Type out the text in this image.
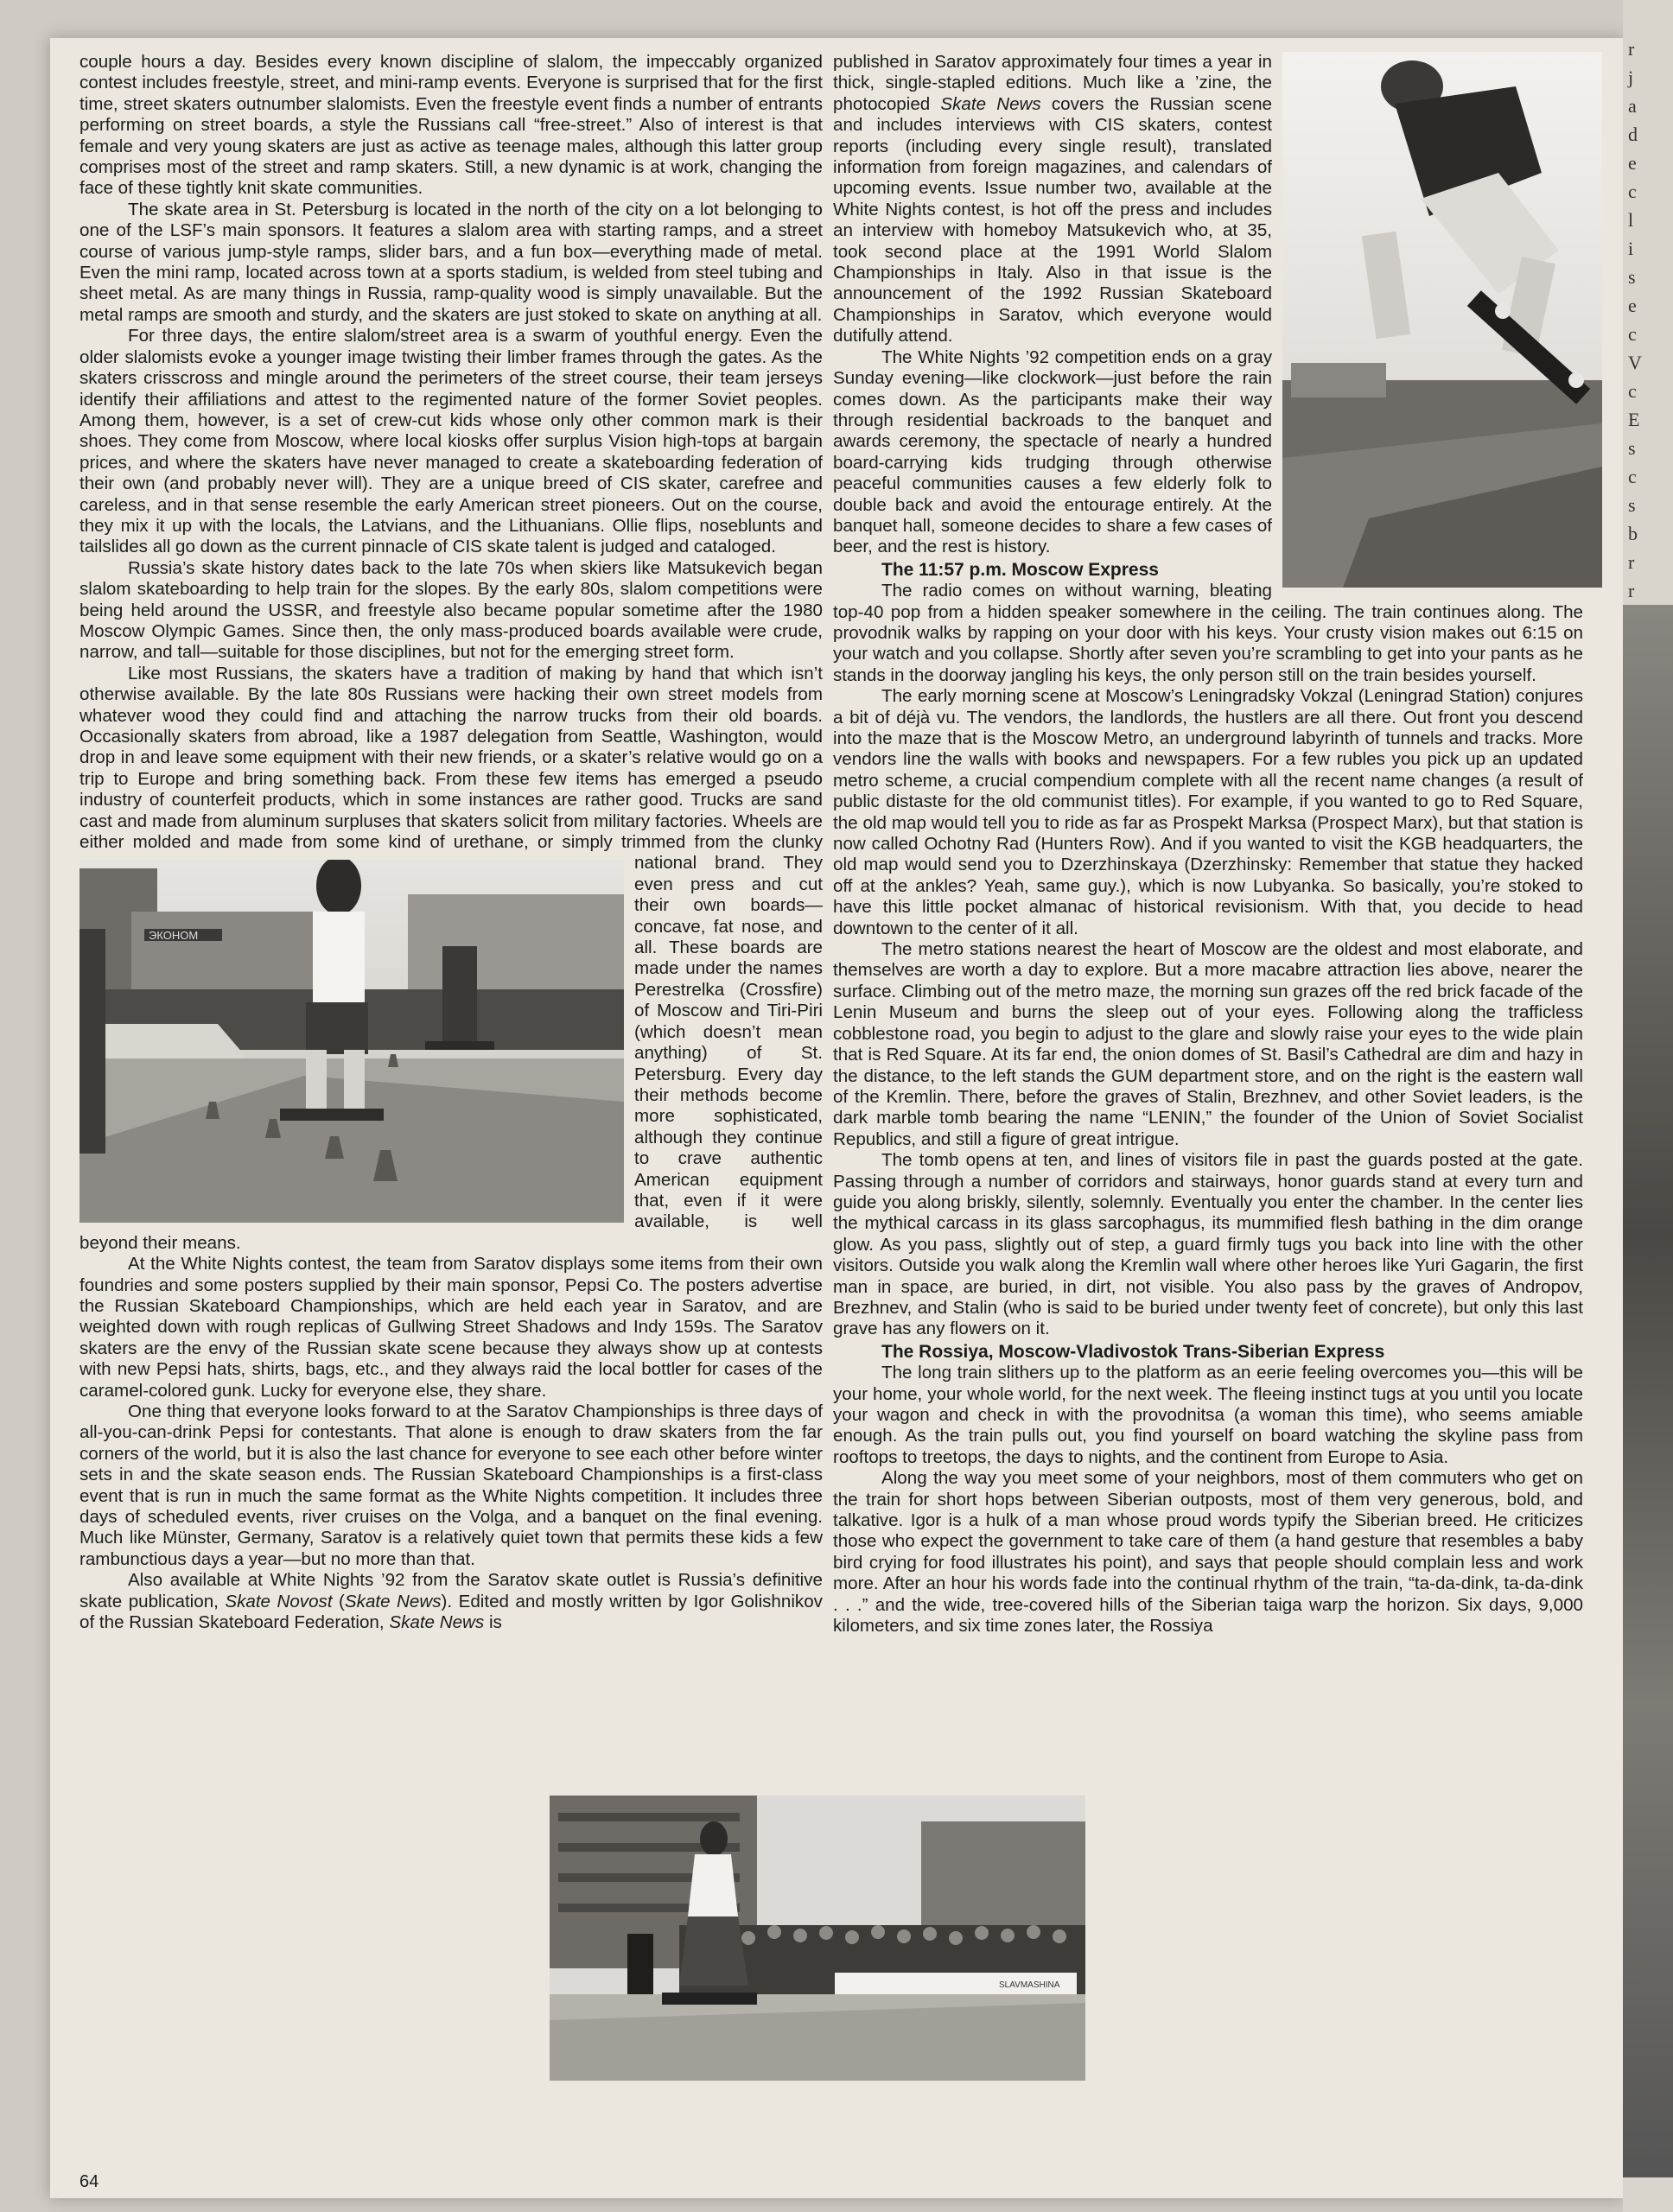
r
j
a
d
e
c
l
i
s
e
c
V
c
E
s
c
s
b
r
r

couple hours a day. Besides every known discipline of slalom, the impeccably organized contest includes freestyle, street, and mini-ramp events. Everyone is surprised that for the first time, street skaters outnumber slalomists. Even the freestyle event finds a number of entrants performing on street boards, a style the Russians call “free-street.” Also of interest is that female and very young skaters are just as active as teenage males, although this latter group comprises most of the street and ramp skaters. Still, a new dynamic is at work, changing the face of these tightly knit skate communities.

The skate area in St. Petersburg is located in the north of the city on a lot belonging to one of the LSF’s main sponsors. It features a slalom area with starting ramps, and a street course of various jump-style ramps, slider bars, and a fun box—everything made of metal. Even the mini ramp, located across town at a sports stadium, is welded from steel tubing and sheet metal. As are many things in Russia, ramp-quality wood is simply unavailable. But the metal ramps are smooth and sturdy, and the skaters are just stoked to skate on anything at all.

ЭКОНОМ

For three days, the entire slalom/street area is a swarm of youthful energy. Even the older slalomists evoke a younger image twisting their limber frames through the gates. As the skaters crisscross and mingle around the perimeters of the street course, their team jerseys identify their affiliations and attest to the regimented nature of the former Soviet peoples. Among them, however, is a set of crew-cut kids whose only other common mark is their shoes. They come from Moscow, where local kiosks offer surplus Vision high-tops at bargain prices, and where the skaters have never managed to create a skateboarding federation of their own (and probably never will). They are a unique breed of CIS skater, carefree and careless, and in that sense resemble the early American street pioneers. Out on the course, they mix it up with the locals, the Latvians, and the Lithuanians. Ollie flips, noseblunts and tailslides all go down as the current pinnacle of CIS skate talent is judged and cataloged.

Russia’s skate history dates back to the late 70s when skiers like Matsukevich began slalom skateboarding to help train for the slopes. By the early 80s, slalom competitions were being held around the USSR, and freestyle also became popular sometime after the 1980 Moscow Olympic Games. Since then, the only mass-produced boards available were crude, narrow, and tall—suitable for those disciplines, but not for the emerging street form.

Like most Russians, the skaters have a tradition of making by hand that which isn’t otherwise available. By the late 80s Russians were hacking their own street models from whatever wood they could find and attaching the narrow trucks from their old boards. Occasionally skaters from abroad, like a 1987 delegation from Seattle, Washington, would drop in and leave some equipment with their new friends, or a skater’s relative would go on a trip to Europe and bring something back. From these few items has emerged a pseudo industry of counterfeit products, which in some instances are rather good. Trucks are sand cast and made from aluminum surpluses that skaters solicit from military factories. Wheels are either molded and made from some kind of urethane, or simply trimmed from the clunky national brand. They even press and cut their own boards—concave, fat nose, and all. These boards are made under the names Perestrelka (Crossfire) of Moscow and Tiri-Piri (which doesn’t mean anything) of St. Petersburg. Every day their methods become more sophisticated, although they continue to crave authentic American equipment that, even if it were available, is well beyond their means.

At the White Nights contest, the team from Saratov displays some items from their own foundries and some posters supplied by their main sponsor, Pepsi Co. The posters advertise the Russian Skateboard Championships, which are held each year in Saratov, and are weighted down with rough replicas of Gullwing Street Shadows and Indy 159s. The Saratov skaters are the envy of the Russian skate scene because they always show up at contests with new Pepsi hats, shirts, bags, etc., and they always raid the local bottler for cases of the caramel-colored gunk. Lucky for everyone else, they share.

One thing that everyone looks forward to at the Saratov Championships is three days of all-you-can-drink Pepsi for contestants. That alone is enough to draw skaters from the far corners of the world, but it is also the last chance for everyone to see each other before winter sets in and the skate season ends. The Russian Skateboard Championships is a first-class event that is run in much the same format as the White Nights competition. It includes three days of scheduled events, river cruises on the Volga, and a banquet on the final evening. Much like Münster, Germany, Saratov is a relatively quiet town that permits these kids a few rambunctious days a year—but no more than that.

Also available at White Nights ’92 from the Saratov skate outlet is Russia’s definitive skate publication, Skate Novost (Skate News). Edited and mostly written by Igor Golishnikov of the Russian Skateboard Federation, Skate News is

SLAVMASHINA

published in Saratov approximately four times a year in thick, single-stapled editions. Much like a ’zine, the photocopied Skate News covers the Russian scene and includes interviews with CIS skaters, contest reports (including every single result), translated information from foreign magazines, and calendars of upcoming events. Issue number two, available at the White Nights contest, is hot off the press and includes an interview with homeboy Matsukevich who, at 35, took second place at the 1991 World Slalom Championships in Italy. Also in that issue is the announcement of the 1992 Russian Skateboard Championships in Saratov, which everyone would dutifully attend.

The White Nights ’92 competition ends on a gray Sunday evening—like clockwork—just before the rain comes down. As the participants make their way through residential backroads to the banquet and awards ceremony, the spectacle of nearly a hundred board-carrying kids trudging through otherwise peaceful communities causes a few elderly folk to double back and avoid the entourage entirely. At the banquet hall, someone decides to share a few cases of beer, and the rest is history.

The 11:57 p.m. Moscow Express

The radio comes on without warning, bleating top-40 pop from a hidden speaker somewhere in the ceiling. The train continues along. The provodnik walks by rapping on your door with his keys. Your crusty vision makes out 6:15 on your watch and you collapse. Shortly after seven you’re scrambling to get into your pants as he stands in the doorway jangling his keys, the only person still on the train besides yourself.

The early morning scene at Moscow’s Leningradsky Vokzal (Leningrad Station) conjures a bit of déjà vu. The vendors, the landlords, the hustlers are all there. Out front you descend into the maze that is the Moscow Metro, an underground labyrinth of tunnels and tracks. More vendors line the walls with books and newspapers. For a few rubles you pick up an updated metro scheme, a crucial compendium complete with all the recent name changes (a result of public distaste for the old communist titles). For example, if you wanted to go to Red Square, the old map would tell you to ride as far as Prospekt Marksa (Prospect Marx), but that station is now called Ochotny Rad (Hunters Row). And if you wanted to visit the KGB headquarters, the old map would send you to Dzerzhinskaya (Dzerzhinsky: Remember that statue they hacked off at the ankles? Yeah, same guy.), which is now Lubyanka. So basically, you’re stoked to have this little pocket almanac of historical revisionism. With that, you decide to head downtown to the center of it all.

The metro stations nearest the heart of Moscow are the oldest and most elaborate, and themselves are worth a day to explore. But a more macabre attraction lies above, nearer the surface. Climbing out of the metro maze, the morning sun grazes off the red brick facade of the Lenin Museum and burns the sleep out of your eyes. Following along the trafficless cobblestone road, you begin to adjust to the glare and slowly raise your eyes to the wide plain that is Red Square. At its far end, the onion domes of St. Basil’s Cathedral are dim and hazy in the distance, to the left stands the GUM department store, and on the right is the eastern wall of the Kremlin. There, before the graves of Stalin, Brezhnev, and other Soviet leaders, is the dark marble tomb bearing the name “LENIN,” the founder of the Union of Soviet Socialist Republics, and still a figure of great intrigue.

The tomb opens at ten, and lines of visitors file in past the guards posted at the gate. Passing through a number of corridors and stairways, honor guards stand at every turn and guide you along briskly, silently, solemnly. Eventually you enter the chamber. In the center lies the mythical carcass in its glass sarcophagus, its mummified flesh bathing in the dim orange glow. As you pass, slightly out of step, a guard firmly tugs you back into line with the other visitors. Outside you walk along the Kremlin wall where other heroes like Yuri Gagarin, the first man in space, are buried, in dirt, not visible. You also pass by the graves of Andropov, Brezhnev, and Stalin (who is said to be buried under twenty feet of concrete), but only this last grave has any flowers on it.

The Rossiya, Moscow-Vladivostok Trans-Siberian Express

The long train slithers up to the platform as an eerie feeling overcomes you—this will be your home, your whole world, for the next week. The fleeing instinct tugs at you until you locate your wagon and check in with the provodnitsa (a woman this time), who seems amiable enough. As the train pulls out, you find yourself on board watching the skyline pass from rooftops to treetops, the days to nights, and the continent from Europe to Asia.

Along the way you meet some of your neighbors, most of them commuters who get on the train for short hops between Siberian outposts, most of them very generous, bold, and talkative. Igor is a hulk of a man whose proud words typify the Siberian breed. He criticizes those who expect the government to take care of them (a hand gesture that resembles a baby bird crying for food illustrates his point), and says that people should complain less and work more. After an hour his words fade into the continual rhythm of the train, “ta-da-dink, ta-da-dink . . .” and the wide, tree-covered hills of the Siberian taiga warp the horizon. Six days, 9,000 kilometers, and six time zones later, the Rossiya

64
